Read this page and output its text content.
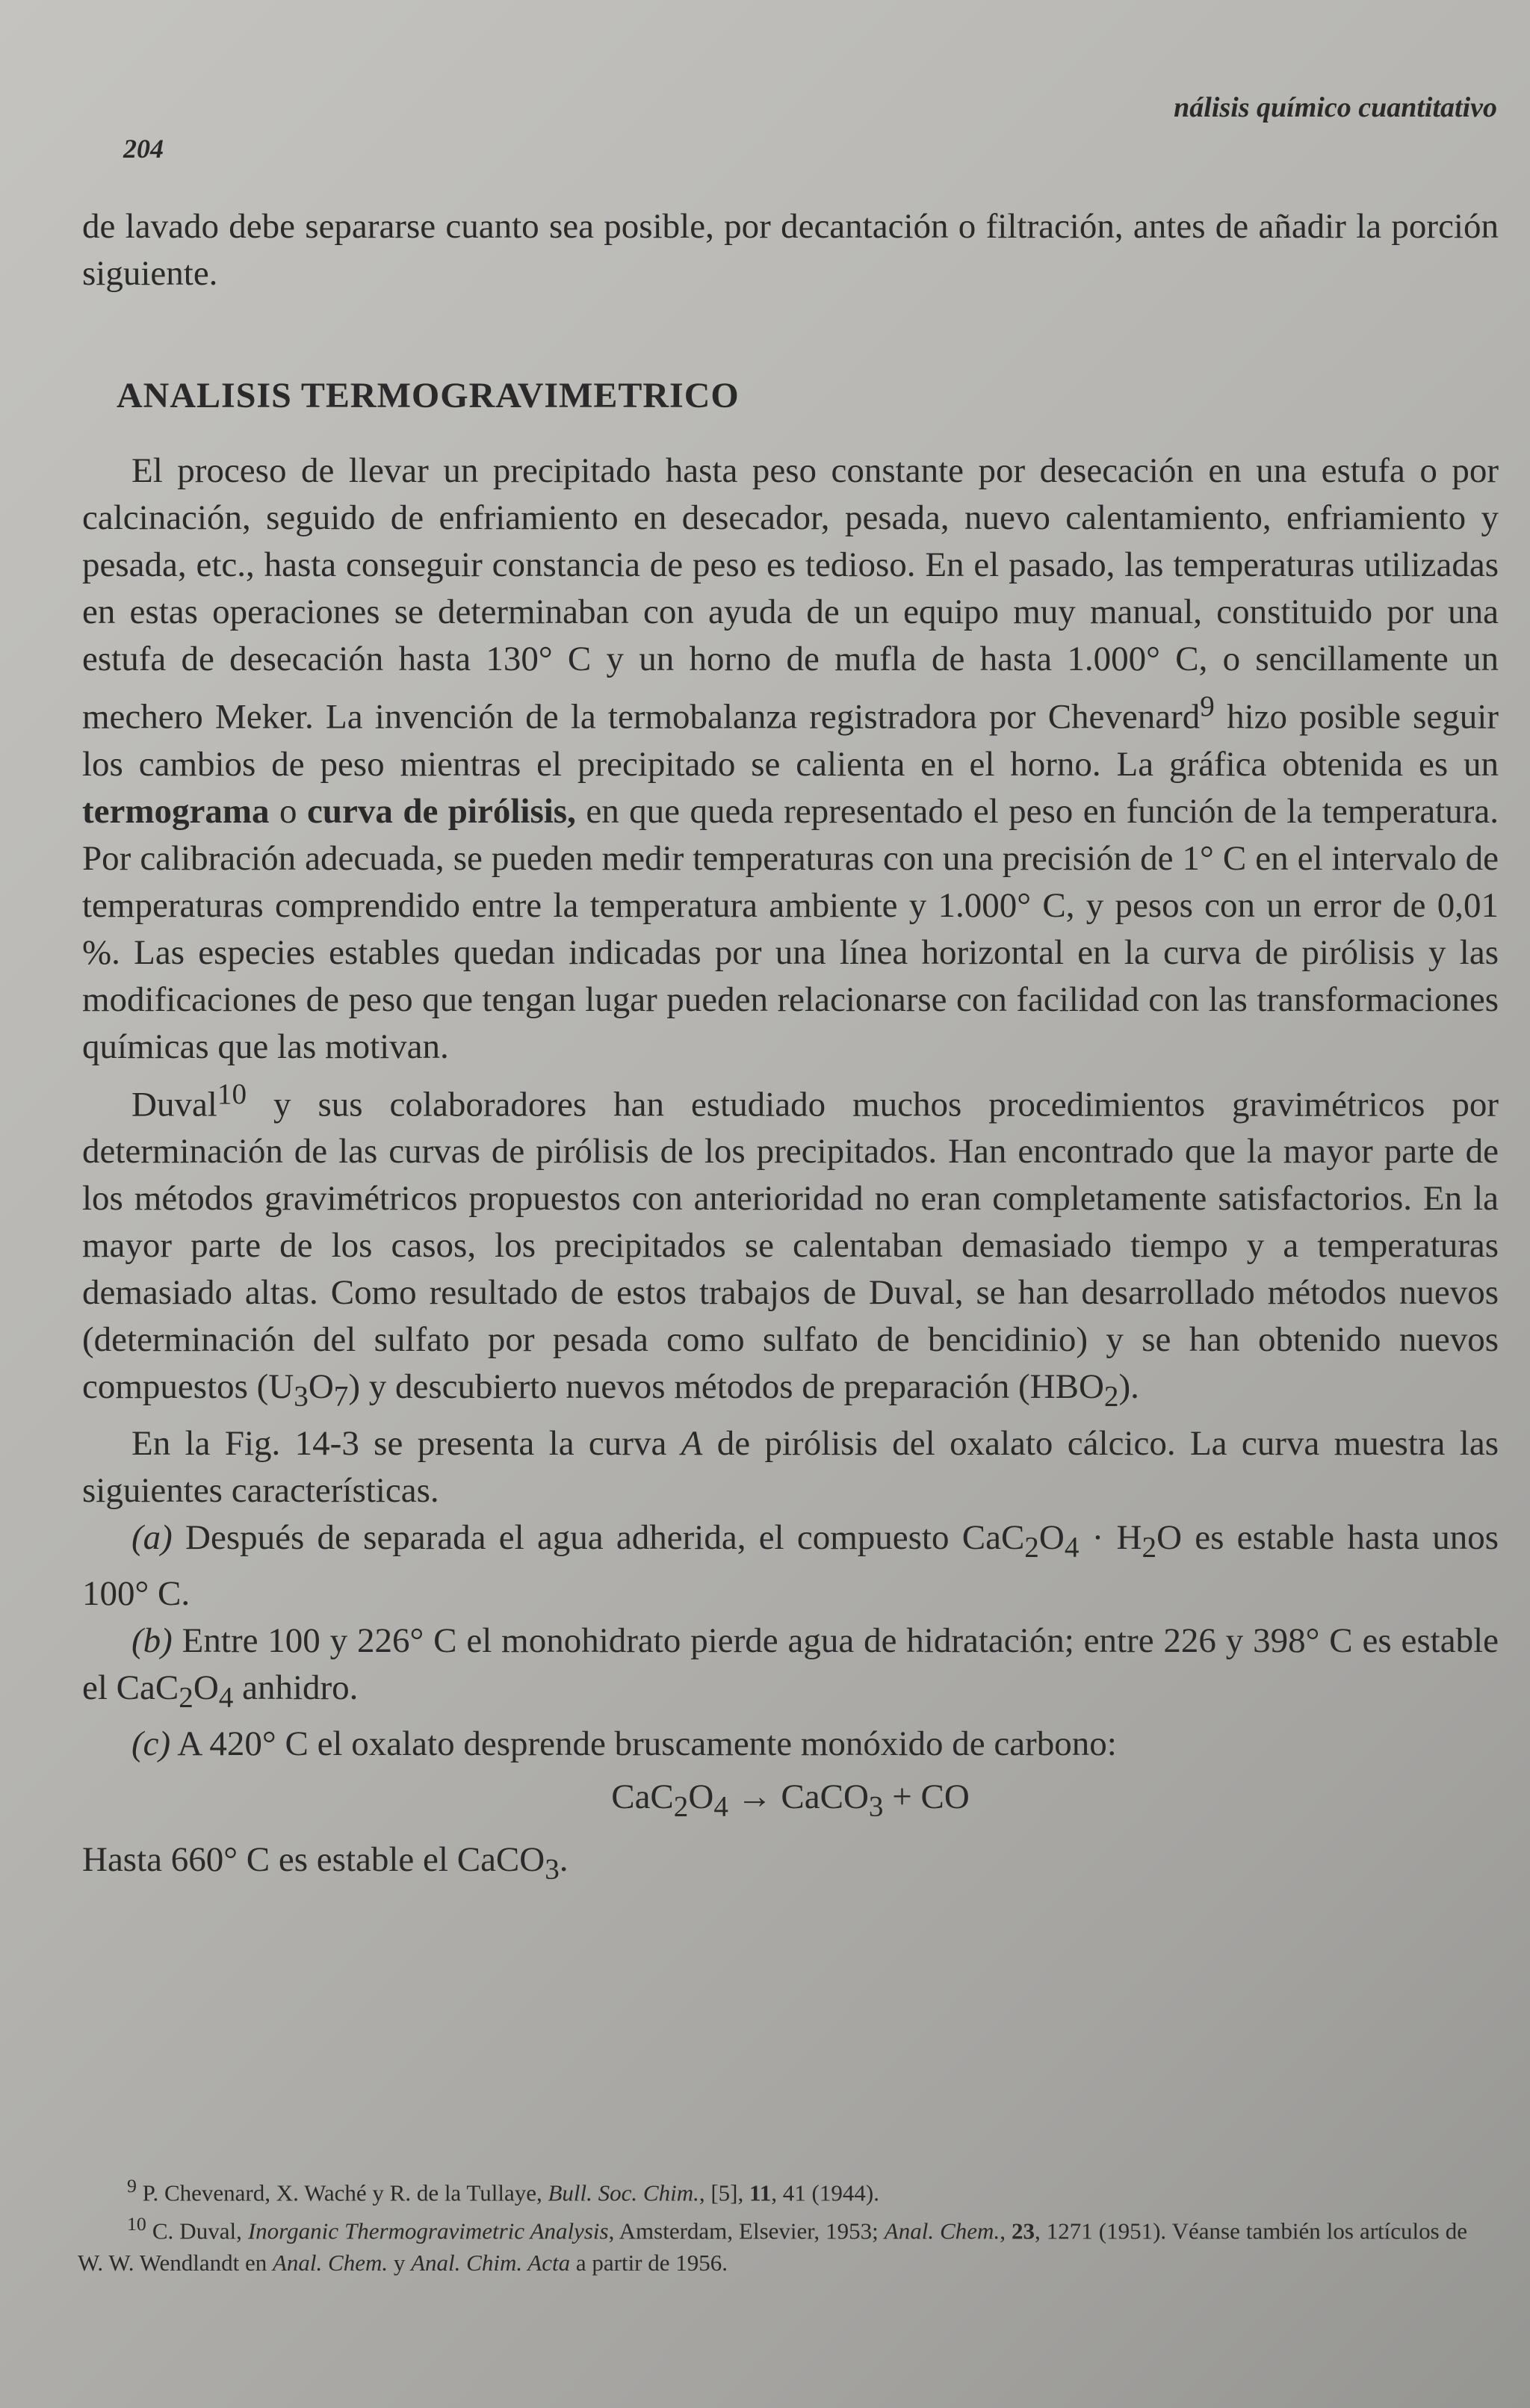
204
nálisis químico cuantitativo

de lavado debe separarse cuanto sea posible, por decantación o filtración, antes de añadir la porción siguiente.

ANALISIS TERMOGRAVIMETRICO

El proceso de llevar un precipitado hasta peso constante por desecación en una estufa o por calcinación, seguido de enfriamiento en desecador, pesada, nuevo calentamiento, enfriamiento y pesada, etc., hasta conseguir constancia de peso es tedioso. En el pasado, las temperaturas utilizadas en estas operaciones se determinaban con ayuda de un equipo muy manual, constituido por una estufa de desecación hasta 130° C y un horno de mufla de hasta 1.000° C, o sencillamente un mechero Meker. La invención de la termobalanza registradora por Chevenard$^9$ hizo posible seguir los cambios de peso mientras el precipitado se calienta en el horno. La gráfica obtenida es un termograma o curva de pirólisis, en que queda representado el peso en función de la temperatura. Por calibración adecuada, se pueden medir temperaturas con una precisión de 1° C en el intervalo de temperaturas comprendido entre la temperatura ambiente y 1.000° C, y pesos con un error de 0,01 %. Las especies estables quedan indicadas por una línea horizontal en la curva de pirólisis y las modificaciones de peso que tengan lugar pueden relacionarse con facilidad con las transformaciones químicas que las motivan.

Duval$^{10}$ y sus colaboradores han estudiado muchos procedimientos gravimétricos por determinación de las curvas de pirólisis de los precipitados. Han encontrado que la mayor parte de los métodos gravimétricos propuestos con anterioridad no eran completamente satisfactorios. En la mayor parte de los casos, los precipitados se calentaban demasiado tiempo y a temperaturas demasiado altas. Como resultado de estos trabajos de Duval, se han desarrollado métodos nuevos (determinación del sulfato por pesada como sulfato de bencidinio) y se han obtenido nuevos compuestos $(U_3O_7)$ y descubierto nuevos métodos de preparación $(HBO_2)$.

En la Fig. 14-3 se presenta la curva A de pirólisis del oxalato cálcico. La curva muestra las siguientes características.

(a) Después de separada el agua adherida, el compuesto $CaC_2O_4 \cdot H_2O$ es estable hasta unos 100° C.

(b) Entre 100 y 226° C el monohidrato pierde agua de hidratación; entre 226 y 398° C es estable el $CaC_2O_4$ anhidro.

(c) A 420° C el oxalato desprende bruscamente monóxido de carbono:

$CaC_2O_4$ → CaCO$_3$ + CO

Hasta 660° C es estable el CaCO$_3$.

$^9$ P. Chevenard, X. Waché y R. de la Tullaye, Bull. Soc. Chim., [5], 11, 41 (1944).

$^{10}$ C. Duval, Inorganic Thermogravimetric Analysis, Amsterdam, Elsevier, 1953; Anal. Chem., 23, 1271 (1951). Véanse también los artículos de W. W. Wendlandt en Anal. Chem. y Anal. Chim. Acta a partir de 1956.
